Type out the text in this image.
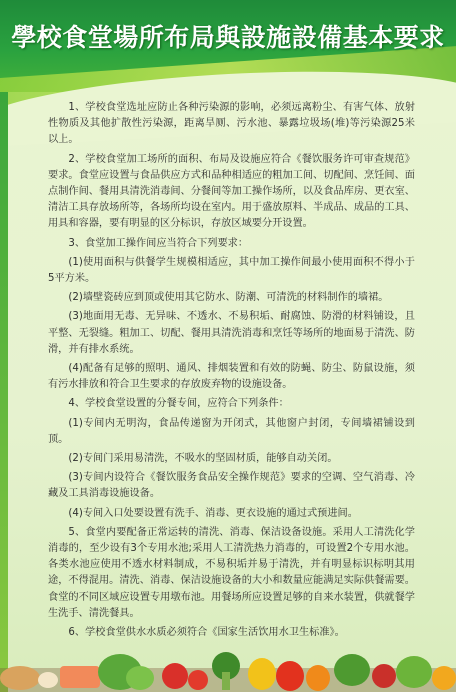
學校食堂場所布局與設施設備基本要求

1、学校食堂选址应防止各种污染源的影响，必须远离粉尘、有害气体、放射性物质及其他扩散性污染源，距离旱厕、污水池、暴露垃圾场(堆)等污染源25米以上。

2、学校食堂加工场所的面积、布局及设施应符合《餐饮服务许可审查规范》要求。食堂应设置与食品供应方式和品种相适应的粗加工间、切配间、烹饪间、面点制作间、餐用具清洗消毒间、分餐间等加工操作场所，以及食品库房、更衣室、清洁工具存放场所等，各场所均设在室内。用于盛放原料、半成品、成品的工具、用具和容器，要有明显的区分标识，存放区域要分开设置。

3、食堂加工操作间应当符合下列要求：

(1)使用面积与供餐学生规模相适应，其中加工操作间最小使用面积不得小于5平方米。

(2)墙壁瓷砖应到顶或使用其它防水、防潮、可清洗的材料制作的墙裙。

(3)地面用无毒、无异味、不透水、不易积垢、耐腐蚀、防滑的材料铺设，且平整、无裂缝。粗加工、切配、餐用具清洗消毒和烹饪等场所的地面易于清洗、防滑，并有排水系统。

(4)配备有足够的照明、通风、排烟装置和有效的防蝇、防尘、防鼠设施，须有污水排放和符合卫生要求的存放废弃物的设施设备。

4、学校食堂设置的分餐专间，应符合下列条件：

(1)专间内无明沟，食品传递窗为开闭式，其他窗户封闭，专间墙裙铺设到顶。

(2)专间门采用易清洗，不吸水的坚固材质，能够自动关闭。

(3)专间内设符合《餐饮服务食品安全操作规范》要求的空调、空气消毒、冷藏及工具消毒设施设备。

(4)专间入口处要设置有洗手、消毒、更衣设施的通过式预进间。

5、食堂内要配备正常运转的清洗、消毒、保洁设备设施。采用人工清洗化学消毒的，至少设有3个专用水池;采用人工清洗热力消毒的，可设置2个专用水池。各类水池应使用不透水材料制成，不易积垢并易于清洗，并有明显标识标明其用途，不得混用。清洗、消毒、保洁设施设备的大小和数量应能满足实际供餐需要。食堂的不同区域应设置专用墩布池。用餐场所应设置足够的自来水装置，供就餐学生洗手、清洗餐具。

6、学校食堂供水水质必须符合《国家生活饮用水卫生标准》。
